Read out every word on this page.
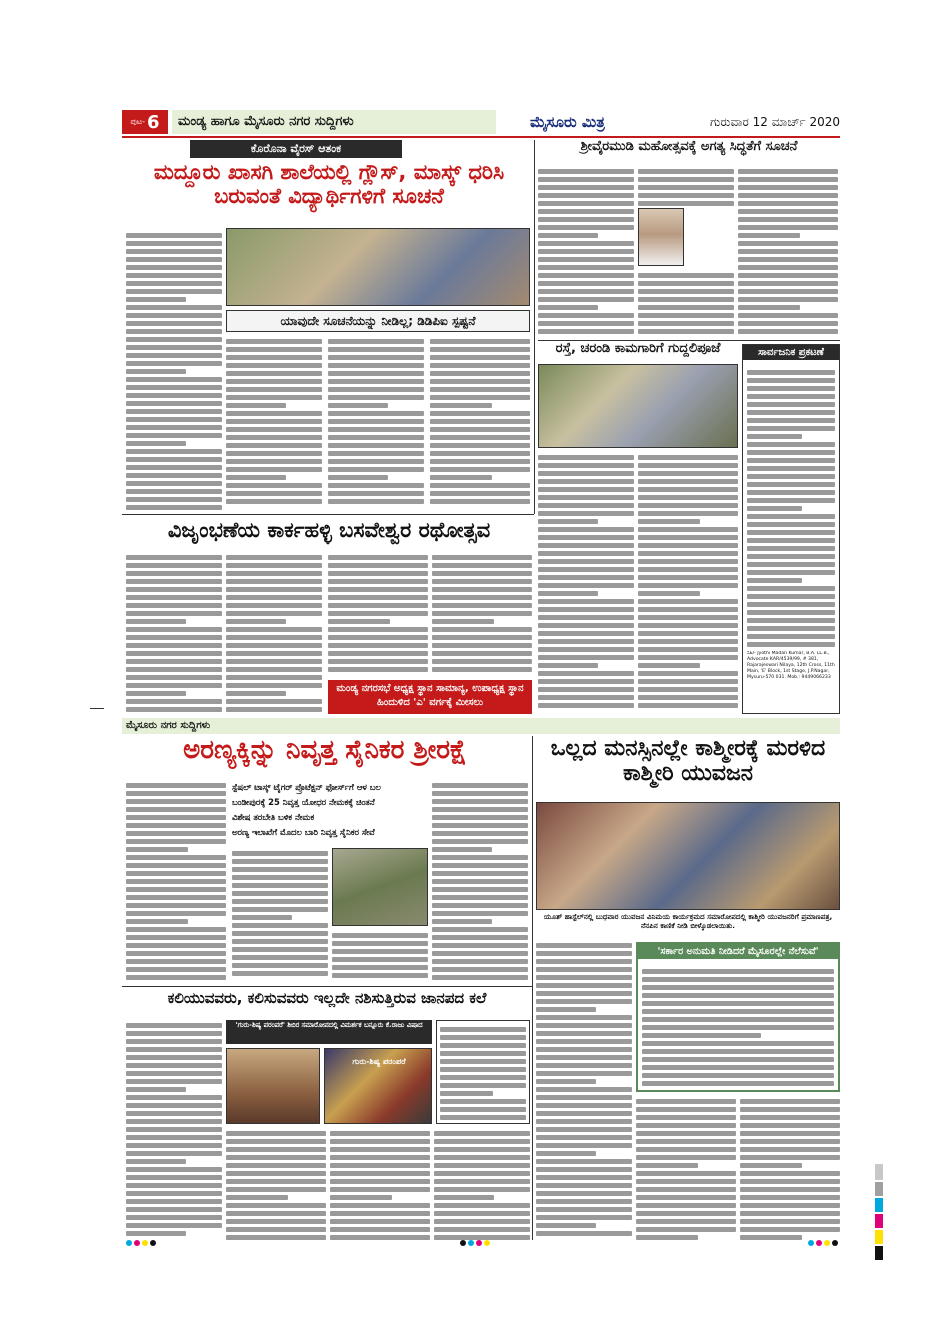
ಪುಟ- 6	ಮಂಡ್ಯ ಹಾಗೂ ಮೈಸೂರು ನಗರ ಸುದ್ದಿಗಳು	ಮೈಸೂರು ಮಿತ್ರ	ಗುರುವಾರ 12 ಮಾರ್ಚ್ 2020
ಕೊರೊನಾ ವೈರಸ್ ಆತಂಕ
ಮದ್ದೂರು ಖಾಸಗಿ ಶಾಲೆಯಲ್ಲಿ ಗ್ಲೌಸ್, ಮಾಸ್ಕ್ ಧರಿಸಿ ಬರುವಂತೆ ವಿದ್ಯಾರ್ಥಿಗಳಿಗೆ ಸೂಚನೆ
ಯಾವುದೇ ಸೂಚನೆಯನ್ನು ನೀಡಿಲ್ಲ; ಡಿಡಿಪಿಐ ಸ್ಪಷ್ಟನೆ
ಶ್ರೀವೈರಮುಡಿ ಮಹೋತ್ಸವಕ್ಕೆ ಅಗತ್ಯ ಸಿದ್ಧತೆಗೆ ಸೂಚನೆ
ರಸ್ತೆ, ಚರಂಡಿ ಕಾಮಗಾರಿಗೆ ಗುದ್ದಲಿಪೂಜೆ	ಸಾರ್ವಜನಿಕ ಪ್ರಕಟಣೆ
ಸಹಿ/- Jyothi Madan Kumar, B.A. LL.B., Advocate KAR/4539/99, # 381, Rajarajeswari Nilaya, 12th Cross, 11th Main, 'E' Block, 1st Stage, J.P.Nagar, Mysuru-570 031. Mob.: 9449066233
ವಿಜೃಂಭಣೆಯ ಕಾರ್ಕಹಳ್ಳಿ ಬಸವೇಶ್ವರ ರಥೋತ್ಸವ
ಮಂಡ್ಯ ನಗರಸಭೆ ಅಧ್ಯಕ್ಷ ಸ್ಥಾನ ಸಾಮಾನ್ಯ, ಉಪಾಧ್ಯಕ್ಷ ಸ್ಥಾನ ಹಿಂದುಳಿದ 'ಎ' ವರ್ಗಕ್ಕೆ ಮೀಸಲು
ಮೈಸೂರು ನಗರ ಸುದ್ದಿಗಳು
ಅರಣ್ಯಕ್ಕಿನ್ನು ನಿವೃತ್ತ ಸೈನಿಕರ ಶ್ರೀರಕ್ಷೆ
ಸ್ಪೆಷಲ್ ಟಾಸ್ಕ್ ಟೈಗರ್ ಪ್ರೊಟೆಕ್ಷನ್ ಫೋರ್ಸ್‌ಗೆ ಆಳ ಬಲ
ಬಂಡೀಪುರಕ್ಕೆ 25 ನಿವೃತ್ತ ಯೋಧರ ನೇಮಕಕ್ಕೆ ಚಿಂತನೆ
ವಿಶೇಷ ತರಬೇತಿ ಬಳಿಕ ನೇಮಕ
ಅರಣ್ಯ ಇಲಾಖೆಗೆ ಮೊದಲ ಬಾರಿ ನಿವೃತ್ತ ಸೈನಿಕರ ಸೇವೆ
ಒಲ್ಲದ ಮನಸ್ಸಿನಲ್ಲೇ ಕಾಶ್ಮೀರಕ್ಕೆ ಮರಳಿದ ಕಾಶ್ಮೀರಿ ಯುವಜನ
ಯೂತ್ ಹಾಸ್ಟೆಲ್‌ನಲ್ಲಿ ಬುಧವಾರ ಯುವಜನ ವಿನಿಮಯ ಕಾರ್ಯಕ್ರಮದ ಸಮಾರೋಪದಲ್ಲಿ ಕಾಶ್ಮೀರಿ ಯುವಜನರಿಗೆ ಪ್ರಮಾಣಪತ್ರ, ನೆನಪಿನ ಕಾಣಿಕೆ ನೀಡಿ ಬೀಳ್ಕೊಡಲಾಯಿತು.
'ಸರ್ಕಾರ ಅನುಮತಿ ನೀಡಿದರೆ ಮೈಸೂರಲ್ಲೇ ನೆಲೆಸುವೆ'
ಕಲಿಯುವವರು, ಕಲಿಸುವವರು ಇಲ್ಲದೇ ನಶಿಸುತ್ತಿರುವ ಜಾನಪದ ಕಲೆ
'ಗುರು-ಶಿಷ್ಯ ಪರಂಪರೆ' ಶಿಬಿರ ಸಮಾರೋಪದಲ್ಲಿ ವಿಮರ್ಶಕ ಬನ್ನೂರು ಕೆ.ರಾಜು ವಿಷಾದ
ಗುರು-ಶಿಷ್ಯ ಪರಂಪರೆ
